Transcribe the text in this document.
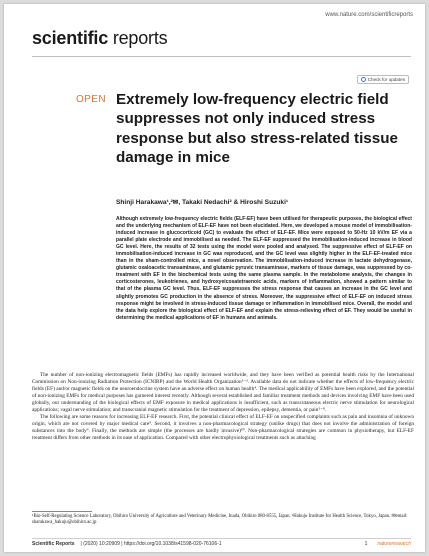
www.nature.com/scientificreports
scientific reports
Check for updates
OPEN Extremely low-frequency electric field suppresses not only induced stress response but also stress-related tissue damage in mice
Shinji Harakawa¹,²✉, Takaki Nedachi² & Hiroshi Suzuki¹

Although extremely low-frequency electric fields (ELF-EF) have been utilised for therapeutic purposes, the biological effect and the underlying mechanism of ELF-EF have not been elucidated. Here, we developed a mouse model of immobilisation-induced increase in glucocorticoid (GC) to evaluate the effect of ELF-EF. Mice were exposed to 50-Hz 10 kV/m EF via a parallel plate electrode and immobilised as needed. The ELF-EF suppressed the immobilisation-induced increase in blood GC level. Here, the results of 32 tests using the model were pooled and analysed. The suppressive effect of ELF-EF on immobilisation-induced increase in GC was reproduced, and the GC level was slightly higher in the ELF-EF-treated mice than in the sham-controlled mice, a novel observation. The immobilisation-induced increase in lactate dehydrogenase, glutamic oxaloacetic transaminase, and glutamic pyruvic transaminase, markers of tissue damage, was suppressed by co-treatment with EF in the biochemical tests using the same plasma sample. In the metabolome analysis, the changes in corticosterones, leukotrienes, and hydroxyeicosatetraenoic acids, markers of inflammation, showed a pattern similar to that of the plasma GC level. Thus, ELF-EF suppresses the stress response that causes an increase in the GC level and slightly promotes GC production in the absence of stress. Moreover, the suppressive effect of ELF-EF on induced stress response might be involved in stress-induced tissue damage or inflammation in immobilised mice. Overall, the model and the data help explore the biological effect of ELF-EF and explain the stress-relieving effect of EF. They would be useful in determining the medical applications of EF in humans and animals.

The number of non-ionizing electromagnetic fields (EMFs) has rapidly increased worldwide, and they have been verified as potential health risks by the International Commission on Non-ionizing Radiation Protection (ICNIRP) and the World Health Organization¹⁻³. Available data do not indicate whether the effects of low-frequency electric fields (EF) and/or magnetic fields on the neuroendocrine system have an adverse effect on human health⁴. The medical applicability of EMFs have been explored, and the potential of non-ionizing EMFs for medical purposes has garnered interest recently. Although several established and familiar treatment methods and devices involving EMF have been used globally, our understanding of the biological effects of EMF exposure in medical applications is insufficient, such as transcutaneous electric nerve stimulation for neurological applications; vagal nerve stimulation; and transcranial magnetic stimulation for the treatment of depression, epilepsy, dementia, or pain⁵⁻⁸.

The following are some reasons for increasing ELF-EF research. First, the potential clinical effect of ELF-EF on unspecified complaints such as pain and insomnia of unknown origin, which are not covered by major medical care⁹. Second, it involves a non-pharmacological strategy (unlike drugs) that does not involve the administration of foreign substances into the body⁹. Finally, the methods are simple (the processes are hardly invasive)¹⁰. Non-pharmacological strategies are common in physiotherapy, but ELF-EF treatment differs from other methods in its ease of application. Compared with other electrophysiological treatments such as attaching

¹Bio-Self-Regulating Science Laboratory, Obihiro University of Agriculture and Veterinary Medicine, Inada, Obihiro 080-8555, Japan. ²Hakuju Institute for Health Science, Tokyo, Japan. ✉email: sharakawa_hakuju@obihiro.ac.jp

Scientific Reports | (2020) 10:20909 | https://doi.org/10.1038/s41598-020-76106-1	1 natureresearch
